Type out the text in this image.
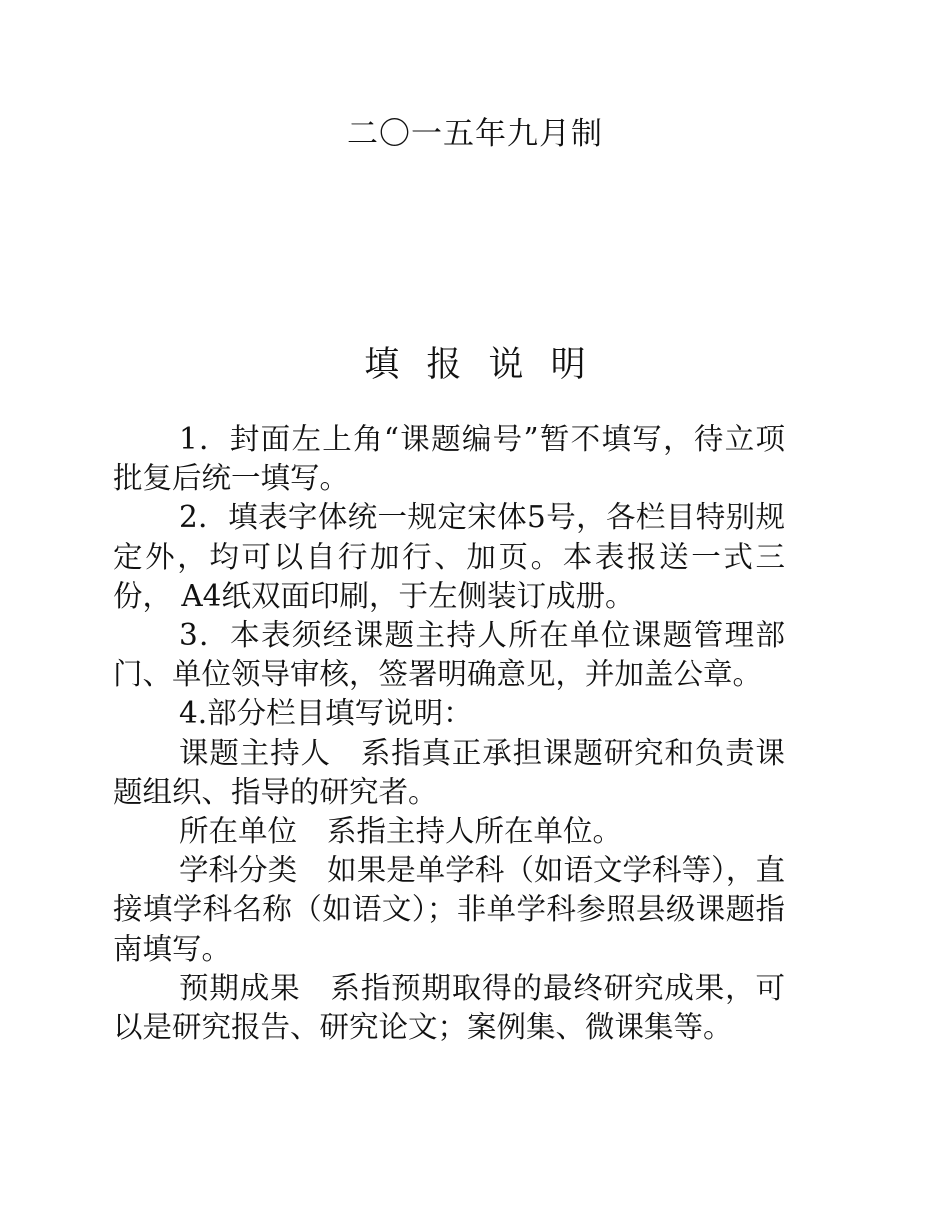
二〇一五年九月制
填 报 说 明

1．封面左上角“课题编号”暂不填写，待立项批复后统一填写。

2．填表字体统一规定宋体5号，各栏目特别规定外，均可以自行加行、加页。本表报送一式三份， A4纸双面印刷，于左侧装订成册。

3．本表须经课题主持人所在单位课题管理部门、单位领导审核，签署明确意见，并加盖公章。

4.部分栏目填写说明：

课题主持人 系指真正承担课题研究和负责课题组织、指导的研究者。

所在单位 系指主持人所在单位。

学科分类 如果是单学科（如语文学科等），直接填学科名称（如语文）；非单学科参照县级课题指南填写。

预期成果 系指预期取得的最终研究成果，可以是研究报告、研究论文；案例集、微课集等。
